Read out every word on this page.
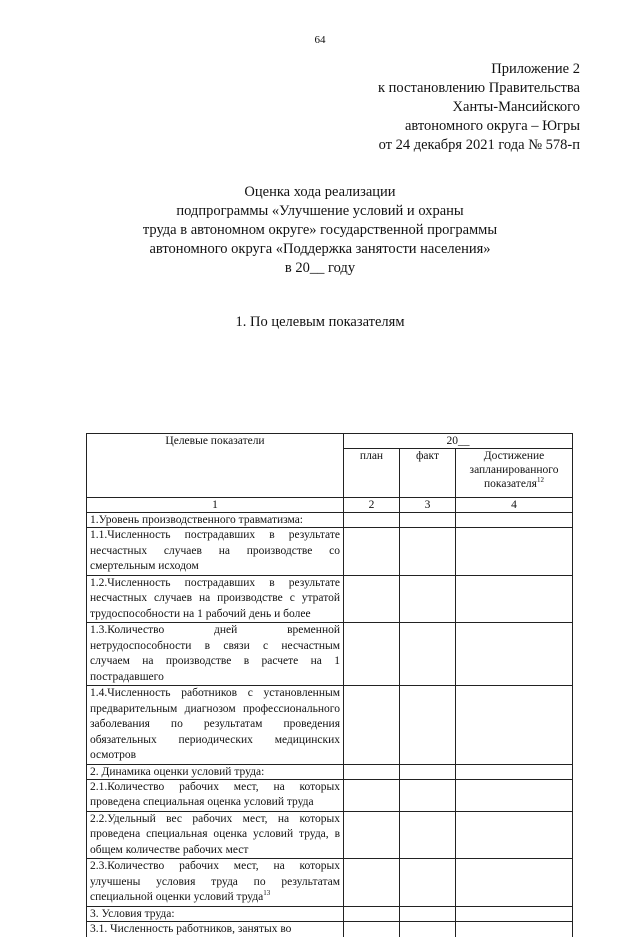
64
Приложение 2
к постановлению Правительства
Ханты-Мансийского
автономного округа – Югры
от 24 декабря 2021 года № 578-п
Оценка хода реализации
подпрограммы «Улучшение условий и охраны
труда в автономном округе» государственной программы
автономного округа «Поддержка занятости населения»
в 20__ году
1. По целевым показателям
Целевые показатели	20__		
	план	факт	Достижение запланированного показателя$^{12}$
1	2	3	4
1.Уровень производственного травматизма:			
1.1.Численность пострадавших в результате несчастных случаев на производстве со смертельным исходом			
1.2.Численность пострадавших в результате несчастных случаев на производстве с утратой трудоспособности на 1 рабочий день и более			
1.3.Количество дней временной нетрудоспособности в связи с несчастным случаем на производстве в расчете на 1 пострадавшего			
1.4.Численность работников с установленным предварительным диагнозом профессионального заболевания по результатам проведения обязательных периодических медицинских осмотров			
2. Динамика оценки условий труда:			
2.1.Количество рабочих мест, на которых проведена специальная оценка условий труда			
2.2.Удельный вес рабочих мест, на которых проведена специальная оценка условий труда, в общем количестве рабочих мест			
2.3.Количество рабочих мест, на которых улучшены условия труда по результатам специальной оценки условий труда$^{13}$			
3. Условия труда:			
3.1. Численность работников, занятых во			
